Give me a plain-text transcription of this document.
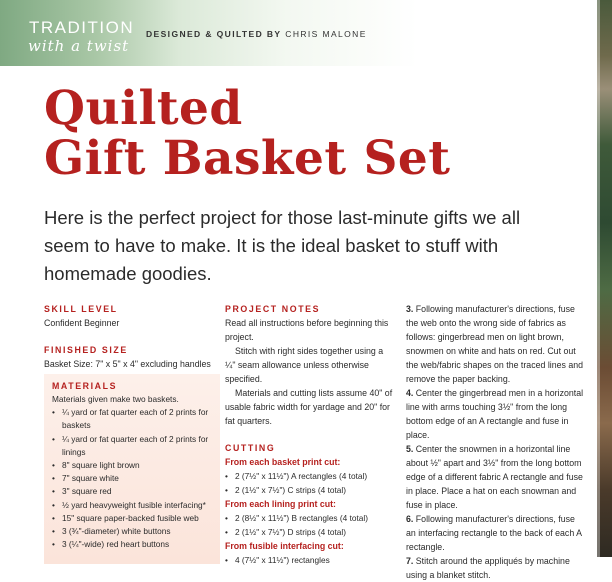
TRADITION
with a twist
DESIGNED & QUILTED BY CHRIS MALONE
Quilted
Gift Basket Set
Here is the perfect project for those last-minute gifts we all seem to have to make. It is the ideal basket to stuff with homemade goodies.
SKILL LEVEL
Confident Beginner
FINISHED SIZE
Basket Size: 7" x 5" x 4" excluding handles
MATERIALS
Materials given make two baskets.
• ¼ yard or fat quarter each of 2 prints for baskets
• ¼ yard or fat quarter each of 2 prints for linings
• 8" square light brown
• 7" square white
• 3" square red
• ½ yard heavyweight fusible interfacing*
• 15" square paper-backed fusible web
• 3 (¾"-diameter) white buttons
• 3 (¼"-wide) red heart buttons
PROJECT NOTES

Read all instructions before beginning this project.

Stitch with right sides together using a ¼" seam allowance unless otherwise specified.

Materials and cutting lists assume 40" of usable fabric width for yardage and 20" for fat quarters.

CUTTING
From each basket print cut:
• 2 (7½" x 11½") A rectangles (4 total)
• 2 (1½" x 7½") C strips (4 total)
From each lining print cut:
• 2 (8½" x 11½") B rectangles (4 total)
• 2 (1½" x 7½") D strips (4 total)
From fusible interfacing cut:
• 4 (7½" x 11½") rectangles

3. Following manufacturer's directions, fuse the web onto the wrong side of fabrics as follows: gingerbread men on light brown, snowmen on white and hats on red. Cut out the web/fabric shapes on the traced lines and remove the paper backing.

4. Center the gingerbread men in a horizontal line with arms touching 3½" from the long bottom edge of an A rectangle and fuse in place.

5. Center the snowmen in a horizontal line about ½" apart and 3½" from the long bottom edge of a different fabric A rectangle and fuse in place. Place a hat on each snowman and fuse in place.

6. Following manufacturer's directions, fuse an interfacing rectangle to the back of each A rectangle.

7. Stitch around the appliqués by machine using a blanket stitch.
